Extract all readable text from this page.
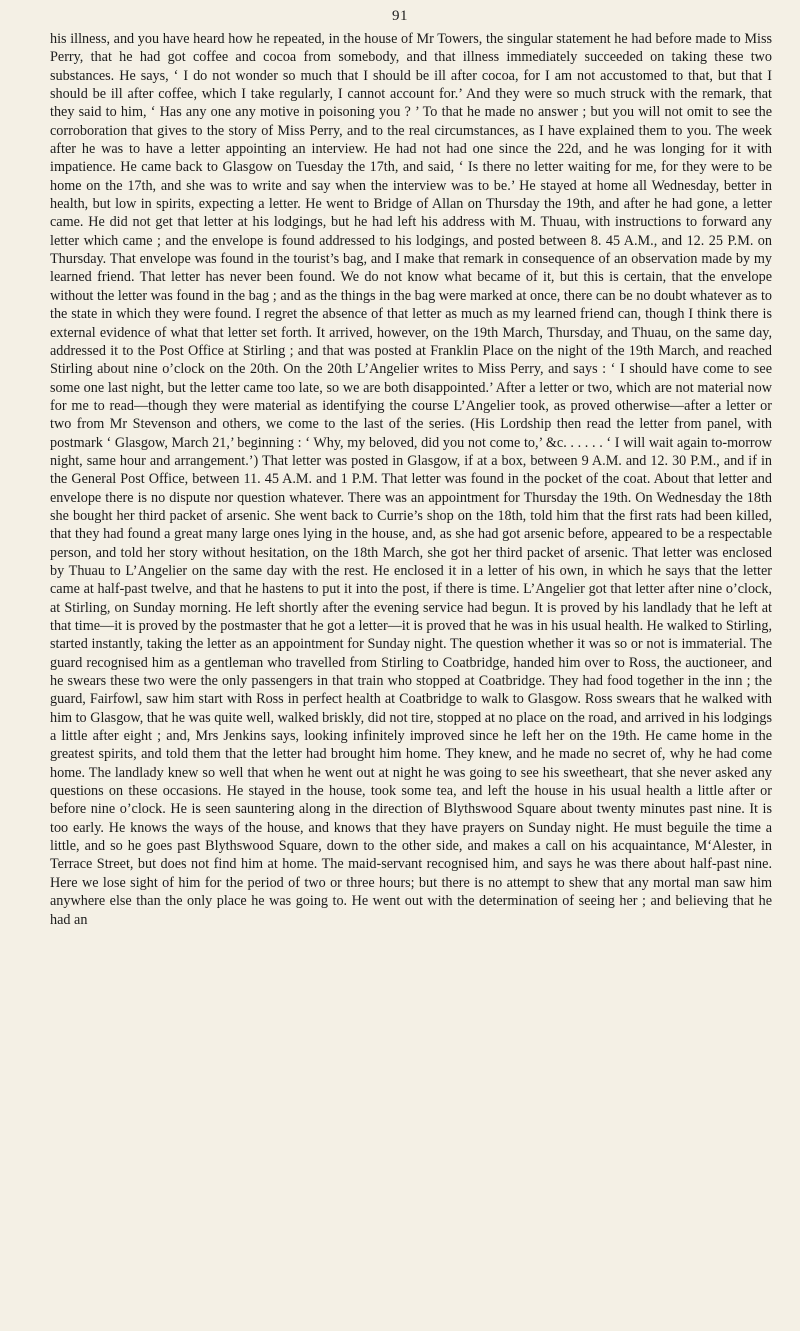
91

his illness, and you have heard how he repeated, in the house of Mr Towers, the singular statement he had before made to Miss Perry, that he had got coffee and cocoa from somebody, and that illness immediately succeeded on taking these two substances. He says, ‘ I do not wonder so much that I should be ill after cocoa, for I am not accustomed to that, but that I should be ill after coffee, which I take regularly, I cannot account for.’ And they were so much struck with the remark, that they said to him, ‘ Has any one any motive in poisoning you ? ’ To that he made no answer ; but you will not omit to see the corroboration that gives to the story of Miss Perry, and to the real circumstances, as I have explained them to you. The week after he was to have a letter appointing an interview. He had not had one since the 22d, and he was longing for it with impatience. He came back to Glasgow on Tuesday the 17th, and said, ‘ Is there no letter waiting for me, for they were to be home on the 17th, and she was to write and say when the interview was to be.’ He stayed at home all Wednesday, better in health, but low in spirits, expecting a letter. He went to Bridge of Allan on Thursday the 19th, and after he had gone, a letter came. He did not get that letter at his lodgings, but he had left his address with M. Thuau, with instructions to forward any letter which came ; and the envelope is found addressed to his lodgings, and posted between 8. 45 A.M., and 12. 25 P.M. on Thursday. That envelope was found in the tourist’s bag, and I make that remark in consequence of an observation made by my learned friend. That letter has never been found. We do not know what became of it, but this is certain, that the envelope without the letter was found in the bag ; and as the things in the bag were marked at once, there can be no doubt whatever as to the state in which they were found. I regret the absence of that letter as much as my learned friend can, though I think there is external evidence of what that letter set forth. It arrived, however, on the 19th March, Thursday, and Thuau, on the same day, addressed it to the Post Office at Stirling ; and that was posted at Franklin Place on the night of the 19th March, and reached Stirling about nine o’clock on the 20th. On the 20th L’Angelier writes to Miss Perry, and says : ‘ I should have come to see some one last night, but the letter came too late, so we are both disappointed.’ After a letter or two, which are not material now for me to read—though they were material as identifying the course L’Angelier took, as proved otherwise—after a letter or two from Mr Stevenson and others, we come to the last of the series. (His Lordship then read the letter from panel, with postmark ‘ Glasgow, March 21,’ beginning : ‘ Why, my beloved, did you not come to,’ &c. . . . . . ‘ I will wait again to-morrow night, same hour and arrangement.’) That letter was posted in Glasgow, if at a box, between 9 A.M. and 12. 30 P.M., and if in the General Post Office, between 11. 45 A.M. and 1 P.M. That letter was found in the pocket of the coat. About that letter and envelope there is no dispute nor question whatever. There was an appointment for Thursday the 19th. On Wednesday the 18th she bought her third packet of arsenic. She went back to Currie’s shop on the 18th, told him that the first rats had been killed, that they had found a great many large ones lying in the house, and, as she had got arsenic before, appeared to be a respectable person, and told her story without hesitation, on the 18th March, she got her third packet of arsenic. That letter was enclosed by Thuau to L’Angelier on the same day with the rest. He enclosed it in a letter of his own, in which he says that the letter came at half-past twelve, and that he hastens to put it into the post, if there is time. L’Angelier got that letter after nine o’clock, at Stirling, on Sunday morning. He left shortly after the evening service had begun. It is proved by his landlady that he left at that time—it is proved by the postmaster that he got a letter—it is proved that he was in his usual health. He walked to Stirling, started instantly, taking the letter as an appointment for Sunday night. The question whether it was so or not is immaterial. The guard recognised him as a gentleman who travelled from Stirling to Coatbridge, handed him over to Ross, the auctioneer, and he swears these two were the only passengers in that train who stopped at Coatbridge. They had food together in the inn ; the guard, Fairfowl, saw him start with Ross in perfect health at Coatbridge to walk to Glasgow. Ross swears that he walked with him to Glasgow, that he was quite well, walked briskly, did not tire, stopped at no place on the road, and arrived in his lodgings a little after eight ; and, Mrs Jenkins says, looking infinitely improved since he left her on the 19th. He came home in the greatest spirits, and told them that the letter had brought him home. They knew, and he made no secret of, why he had come home. The landlady knew so well that when he went out at night he was going to see his sweetheart, that she never asked any questions on these occasions. He stayed in the house, took some tea, and left the house in his usual health a little after or before nine o’clock. He is seen sauntering along in the direction of Blythswood Square about twenty minutes past nine. It is too early. He knows the ways of the house, and knows that they have prayers on Sunday night. He must beguile the time a little, and so he goes past Blythswood Square, down to the other side, and makes a call on his acquaintance, M‘Alester, in Terrace Street, but does not find him at home. The maid-servant recognised him, and says he was there about half-past nine. Here we lose sight of him for the period of two or three hours; but there is no attempt to shew that any mortal man saw him anywhere else than the only place he was going to. He went out with the determination of seeing her ; and believing that he had an
